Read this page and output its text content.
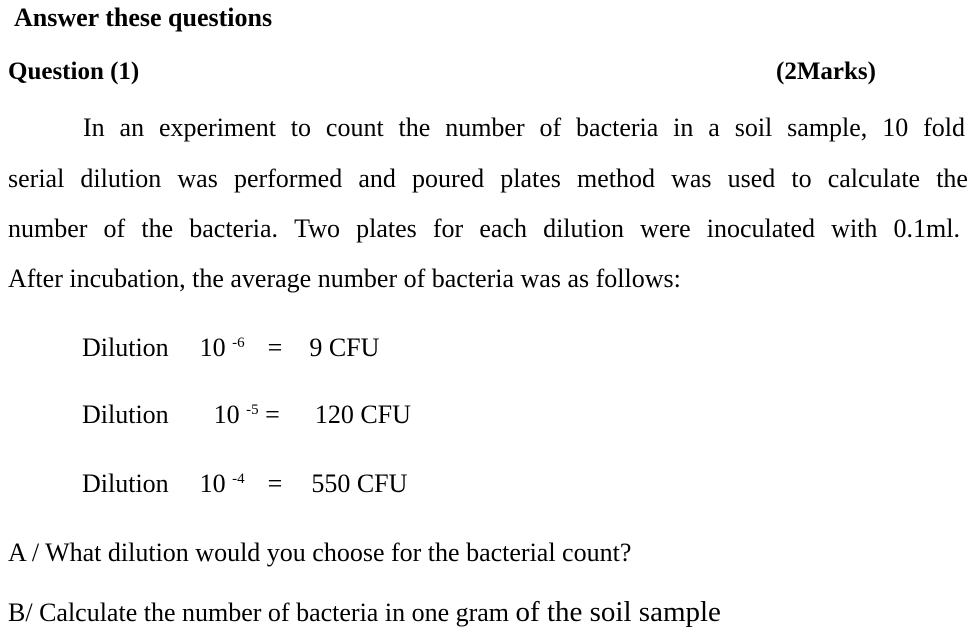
Answer these questions
Question (1)	(2Marks)
In an experiment to count the number of bacteria in a soil sample, 10 fold
serial dilution was performed and poured plates method was used to calculate the
number of the bacteria. Two plates for each dilution were inoculated with 0.1ml.
After incubation, the average number of bacteria was as follows:
Dilution 10 -6 = 9 CFU
Dilution 10 -5 = 120 CFU
Dilution 10 -4 = 550 CFU
A / What dilution would you choose for the bacterial count?
B/ Calculate the number of bacteria in one gram of the soil sample
